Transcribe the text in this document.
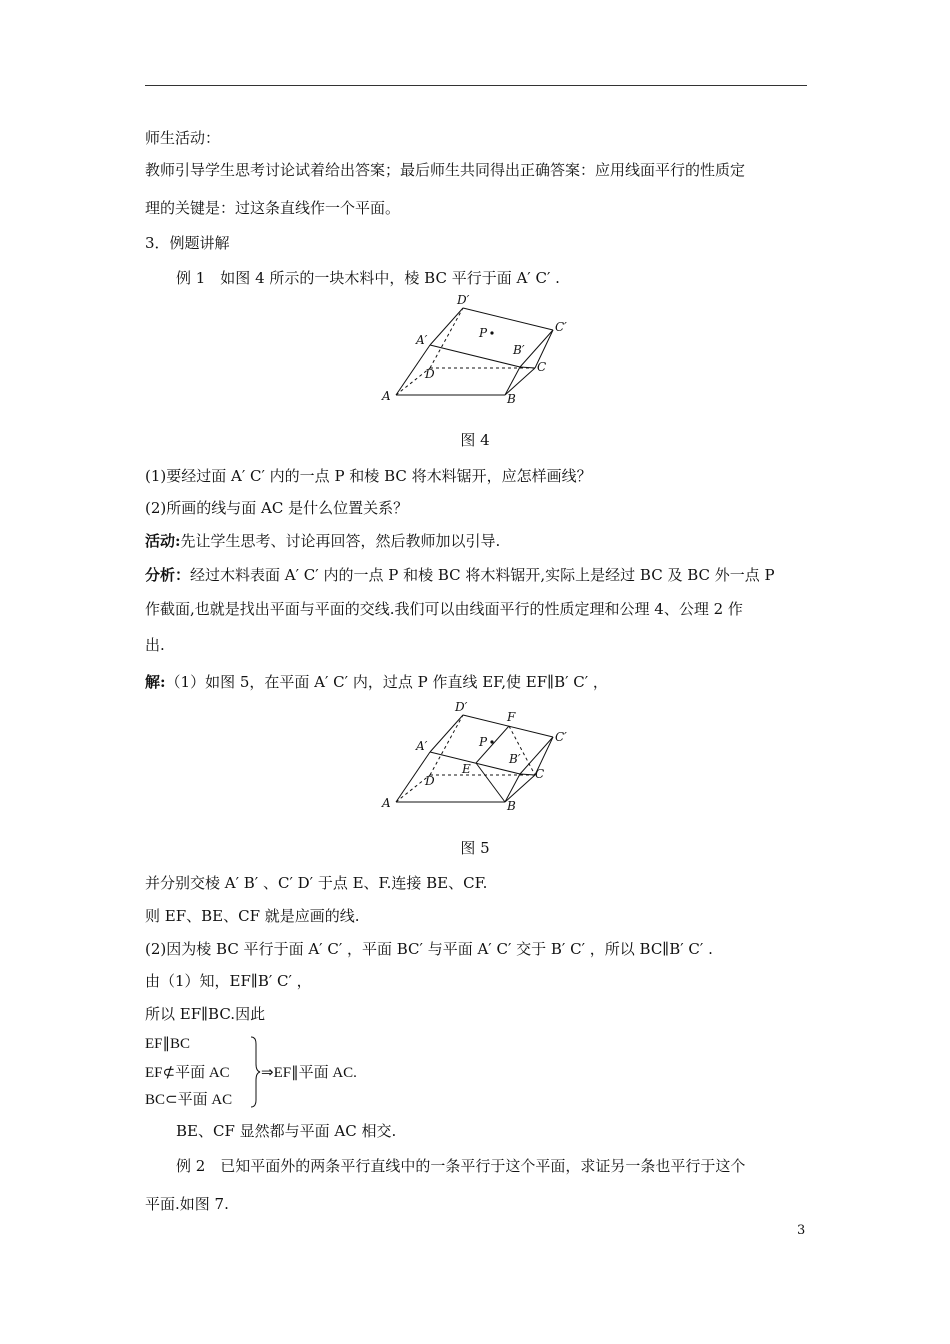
师生活动：
教师引导学生思考讨论试着给出答案；最后师生共同得出正确答案：应用线面平行的性质定
理的关键是：过这条直线作一个平面。
3．例题讲解
例 1　如图 4 所示的一块木料中，棱 BC 平行于面 A′ C′ .
D′
A′	P
B′
C′
D	C
A	B
图 4
(1)要经过面 A′ C′ 内的一点 P 和棱 BC 将木料锯开，应怎样画线？
(2)所画的线与面 AC 是什么位置关系？
活动:先让学生思考、讨论再回答，然后教师加以引导.
分析：经过木料表面 A′ C′ 内的一点 P 和棱 BC 将木料锯开,实际上是经过 BC 及 BC 外一点 P
作截面,也就是找出平面与平面的交线.我们可以由线面平行的性质定理和公理 4、公理 2 作
出.
解:（1）如图 5，在平面 A′ C′ 内，过点 P 作直线 EF,使 EF∥B′ C′ ，
D′
F
A′	P
B′
C′
E
D	C
A	B
图 5
并分别交棱 A′ B′ 、C′ D′ 于点 E、F.连接 BE、CF.
则 EF、BE、CF 就是应画的线.
(2)因为棱 BC 平行于面 A′ C′ ，平面 BC′ 与平面 A′ C′ 交于 B′ C′ ，所以 BC∥B′ C′ .
由（1）知，EF∥B′ C′ ，
所以 EF∥BC.因此
EF∥BC
EF⊄平面 AC
BC⊂平面 AC
⇒EF∥平面 AC.
BE、CF 显然都与平面 AC 相交.
例 2　已知平面外的两条平行直线中的一条平行于这个平面，求证另一条也平行于这个
平面.如图 7.
3
